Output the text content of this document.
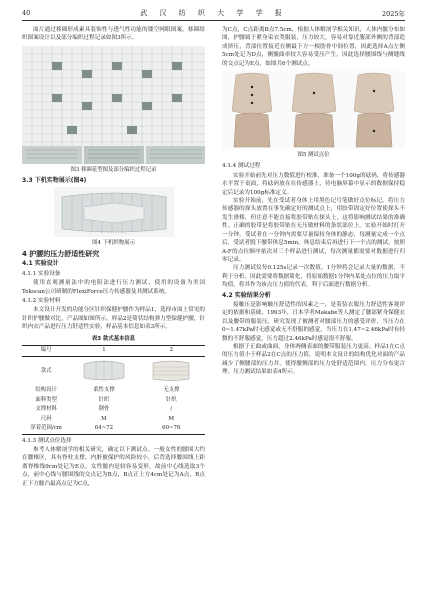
40	武 汉 纺 织 大 学 学 报	2025年

面片通过移圈形成素具装饰性与透气性功能的镂空网眼图案，移圈组织图案设计以及部分编织过程记录如图3所示。

图3 移圈花型图及部分编织过程记录
3.3 下机实物展示(图4)
图4 下机织物展示
4 护腰的压力舒适性研究
4.1 实验设计
4.1.1 实验设备

使用直观测量法中的电阻法进行压力测试，使用的设备为美国Tekscan公司研制的FlexiForce压力传感器及其测试系统。

4.1.2 实验材料

本文设计开发的功能分区针织保健护腰作为样品1，选择市面上常见的针织护腰做对比，产品图如图所示，样品2是简状结构弹力型保健护腰，针织内衣产品进行压力舒适性实验，样品基本信息如表3所示。

表3 款式基本信息
编号	1	2
款式		
结构设计	柔性支撑	无支撑
面料类型	针织	针织
支撑材料	钢骨	/
尺码	M	M
穿着范围/cm	64~72	60~76
4.1.3 测试点位选择

参考人体解剖学的相关研究，确定以下测试点。一般女性的腰围大约在腰椎区，具有脊柱支撑，内脏被保护的风险较小，后背选择腰围线上距离脊椎线9cm处记为E点。女性髋内是较容易变形，故前中心线选取3个点，前中心线与腰围线的交点记为B点，B点正上方4cm处记为A点，B点正下方髋凸最高点记为C点，

为C点，C点距离B点7.5cm，根据人体解剖学相关知识，人体内髋分布如图，护腰属于紧身束衣类服装，压力较大，容易对靠近腹部外侧的背部造成挤压，背部位置接近在侧最下方一根肋骨中间位置，因此选择A点左侧5cm处记为D点，侧髋曲率较大容易受压产生，因此选择腰围线与侧缝线的交点记为E点，如图共6个测试点。

图5 测试点位
4.1.4 测试过程

实验开始前先对压力数值进行校准，准备一个100g的砝码，将传感器水平置于桌面，将砝码放在在传感器上，待电脑屏幕中显示的数据保持稳定后记录为100g标准定义。

实验开始前，先在受试者身体上用黑色记号笔做好点位标记，将压力传感器的探头放置在事先确定好的测试点上，用胶带固定好位置使探头不发生滑移，但注意不能直接将胶带贴在探头上，这将影响测试结果的准确性。正确的胶带是将胶带贴在无压敏材料的条状部位上。实验开始时打开一分钟，受试者在一分钟内需要尽量保持身体的静态，每测量完成一个点后，受试者脱下腰带休息5min，休息结束后再进行下一个点的测试，按照A-F的点位顺序依次对三个样品进行测试，每次测量都需要对数据进行归零记录。

压力测试仪每0.125s记录一次数值，1分钟将会记录大量的数据，不利于分析，因此需要将数据简化，将原始数据1分钟内某处点位的压力取平均值，将其作为该点压力值的代表，利于后面进行数据分析。

4.2 实验结果分析

接触压是影响触压舒适性的因素之一，是着装衣服压力舒适性客观评定的依据和基础，1993年，日本学者Makabe等人测定了腰部紧身保健衣以及腰带的服装压，研究发现了被测者对腰部压力的感受评价，当压力在0~1.47kPa时无感觉或无不舒服的感觉，当压力在1.47~2.46kPa时有轻微的不舒服感觉，压力超过2.46kPa时感觉很不舒服。

根据于正曲或曲面，身体两侧表面的腰带服装压力更高。样品1在C点的压力值小于样品2在C点的压力值，说明本文设计的结构优化对面的产品减少了侧腰部的压力并，使得腰侧部的压力处舒适范围内，压力分布更合理。压力测试结果如表4所示。
